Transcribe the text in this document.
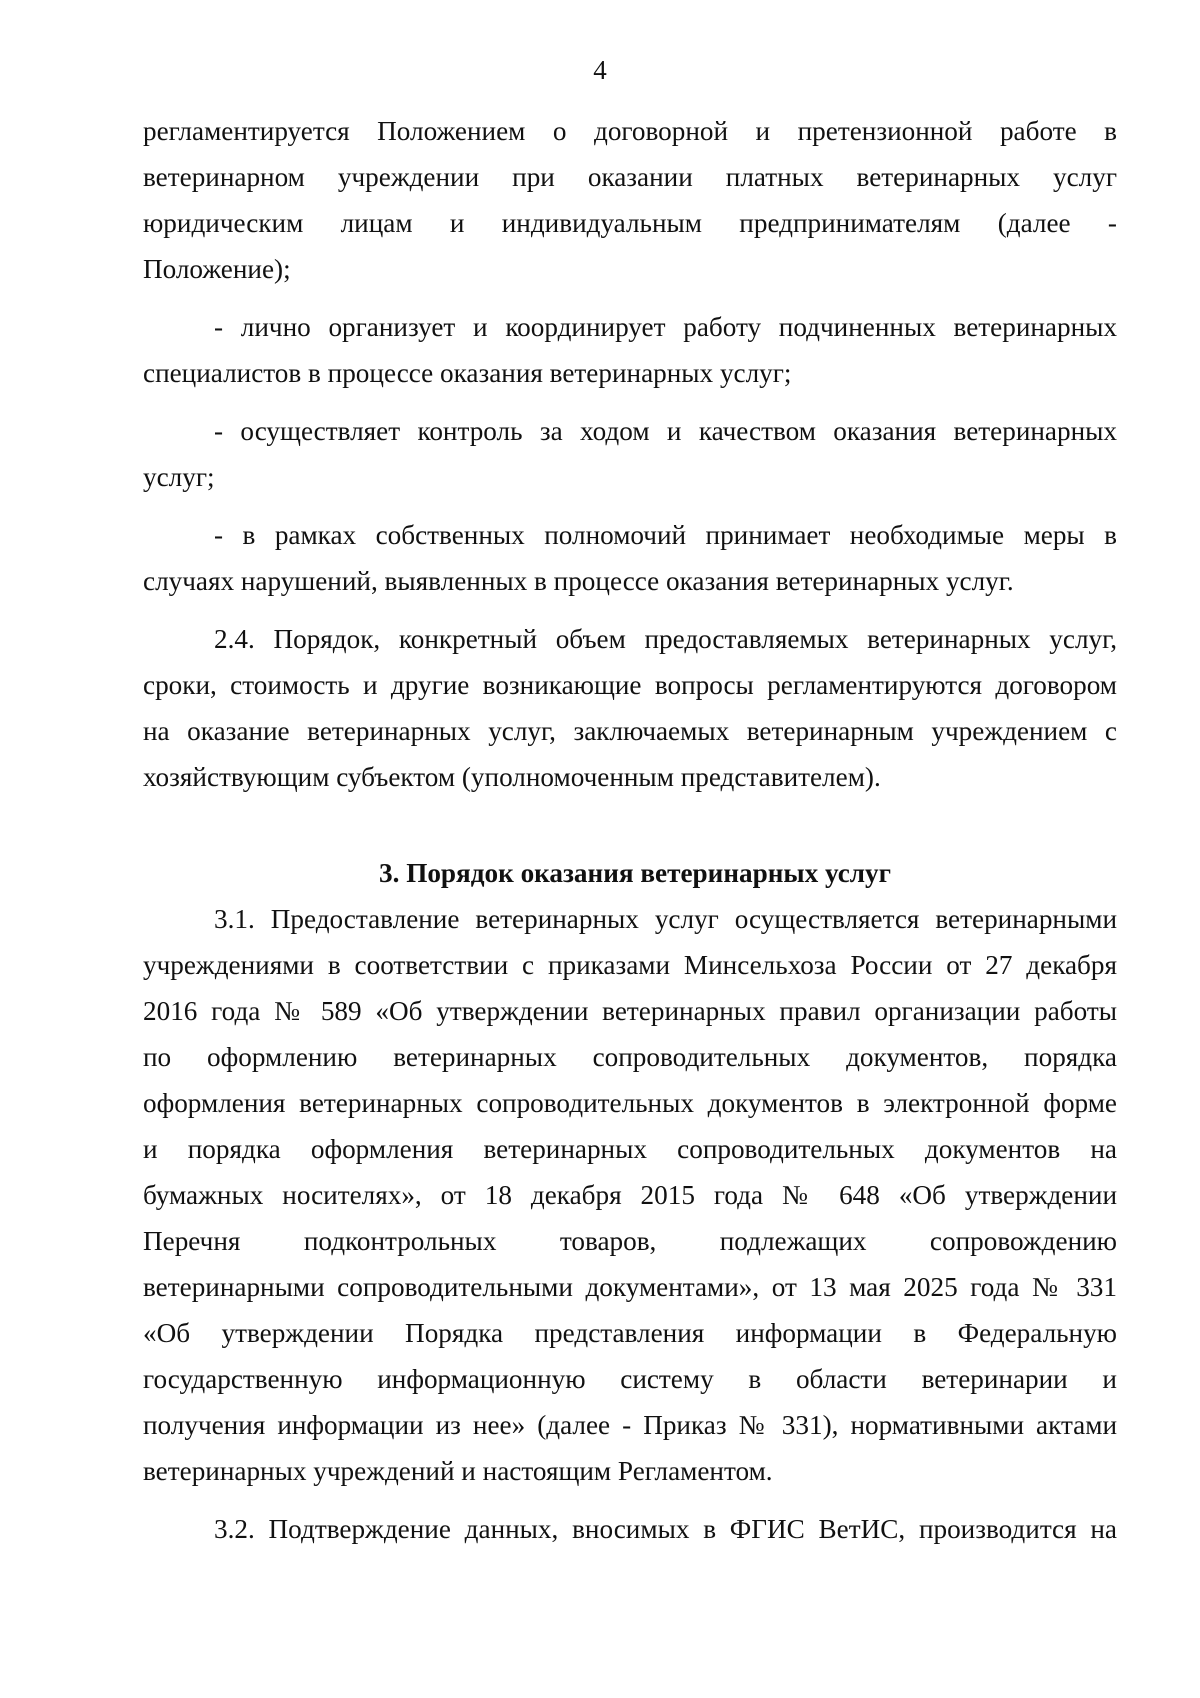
4
регламентируется Положением о договорной и претензионной работе в
ветеринарном учреждении при оказании платных ветеринарных услуг
юридическим лицам и индивидуальным предпринимателям (далее -
Положение);
- лично организует и координирует работу подчиненных ветеринарных
специалистов в процессе оказания ветеринарных услуг;
- осуществляет контроль за ходом и качеством оказания ветеринарных
услуг;
- в рамках собственных полномочий принимает необходимые меры в
случаях нарушений, выявленных в процессе оказания ветеринарных услуг.
2.4. Порядок, конкретный объем предоставляемых ветеринарных услуг,
сроки, стоимость и другие возникающие вопросы регламентируются договором
на оказание ветеринарных услуг, заключаемых ветеринарным учреждением с
хозяйствующим субъектом (уполномоченным представителем).
3. Порядок оказания ветеринарных услуг
3.1. Предоставление ветеринарных услуг осуществляется ветеринарными
учреждениями в соответствии с приказами Минсельхоза России от 27 декабря
2016 года № 589 «Об утверждении ветеринарных правил организации работы
по оформлению ветеринарных сопроводительных документов, порядка
оформления ветеринарных сопроводительных документов в электронной форме
и порядка оформления ветеринарных сопроводительных документов на
бумажных носителях», от 18 декабря 2015 года № 648 «Об утверждении
Перечня подконтрольных товаров, подлежащих сопровождению
ветеринарными сопроводительными документами», от 13 мая 2025 года № 331
«Об утверждении Порядка представления информации в Федеральную
государственную информационную систему в области ветеринарии и
получения информации из нее» (далее - Приказ № 331), нормативными актами
ветеринарных учреждений и настоящим Регламентом.
3.2. Подтверждение данных, вносимых в ФГИС ВетИС, производится на
